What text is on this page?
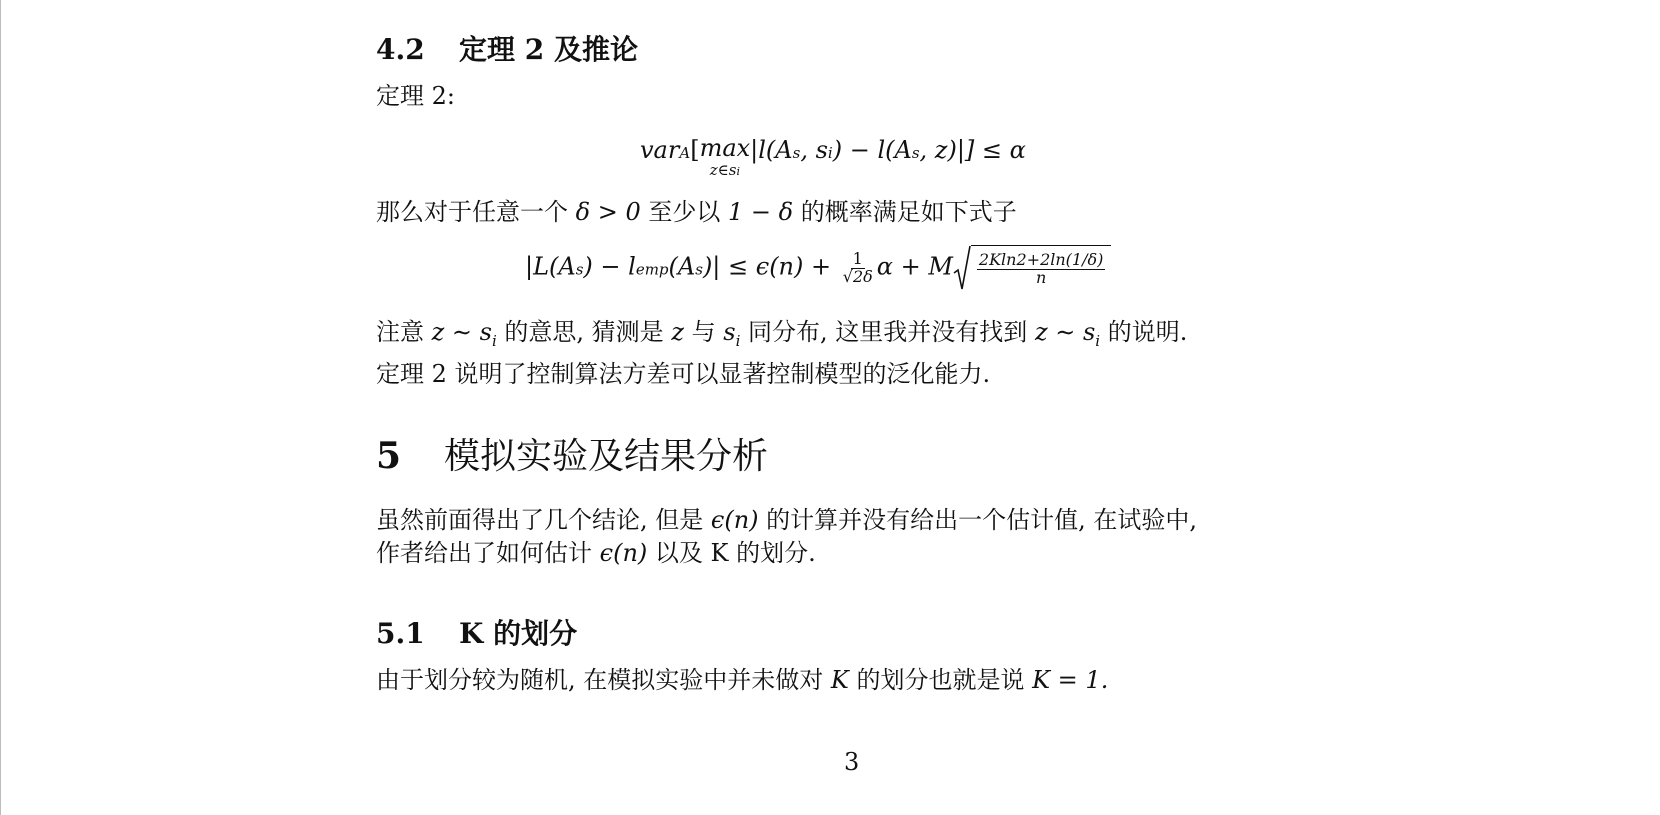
4.2 定理 2 及推论
定理 2:
varA[ max
z∈si
|l(As, si) − l(As, z)|] ≤ α
那么对于任意一个 δ > 0 至少以 1 − δ 的概率满足如下式子
|L(As) − lemp(As)| ≤ $\epsilon(n) + \frac{1}{√2\delta}$ α + M $\frac{2Kln2+2\ln(1/\delta)}{n}$
注意 z ∼ $s_i$ 的意思, 猜测是 z 与 $s_i$ 同分布, 这里我并没有找到 z ∼ $s_i$ 的说明.
定理 2 说明了控制算法方差可以显著控制模型的泛化能力.
5 模拟实验及结果分析
虽然前面得出了几个结论, 但是 ϵ(n) 的计算并没有给出一个估计值, 在试验中,
作者给出了如何估计 ϵ(n) 以及 K 的划分.
5.1 K 的划分
由于划分较为随机, 在模拟实验中并未做对 K 的划分也就是说 K = 1.
3
